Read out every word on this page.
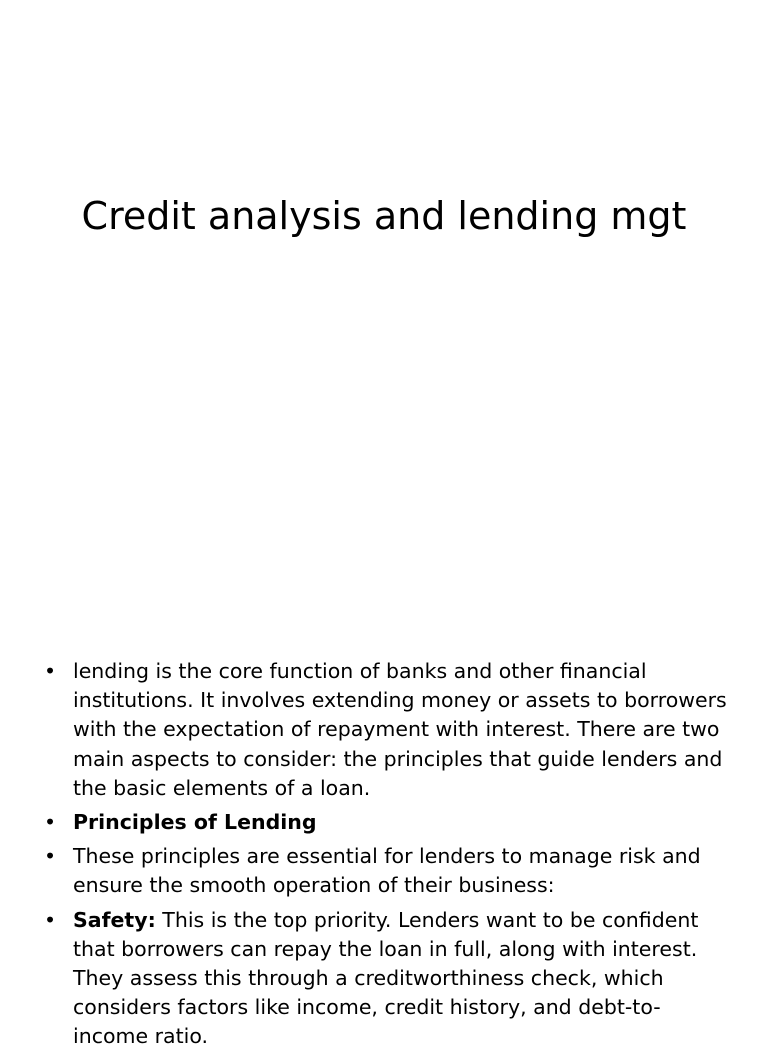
Credit analysis and lending mgt
• lending is the core function of banks and other financial institutions. It involves extending money or assets to borrowers with the expectation of repayment with interest. There are two main aspects to consider: the principles that guide lenders and the basic elements of a loan.
• Principles of Lending
• These principles are essential for lenders to manage risk and ensure the smooth operation of their business:
• Safety: This is the top priority. Lenders want to be confident that borrowers can repay the loan in full, along with interest. They assess this through a creditworthiness check, which considers factors like income, credit history, and debt-to-income ratio.
